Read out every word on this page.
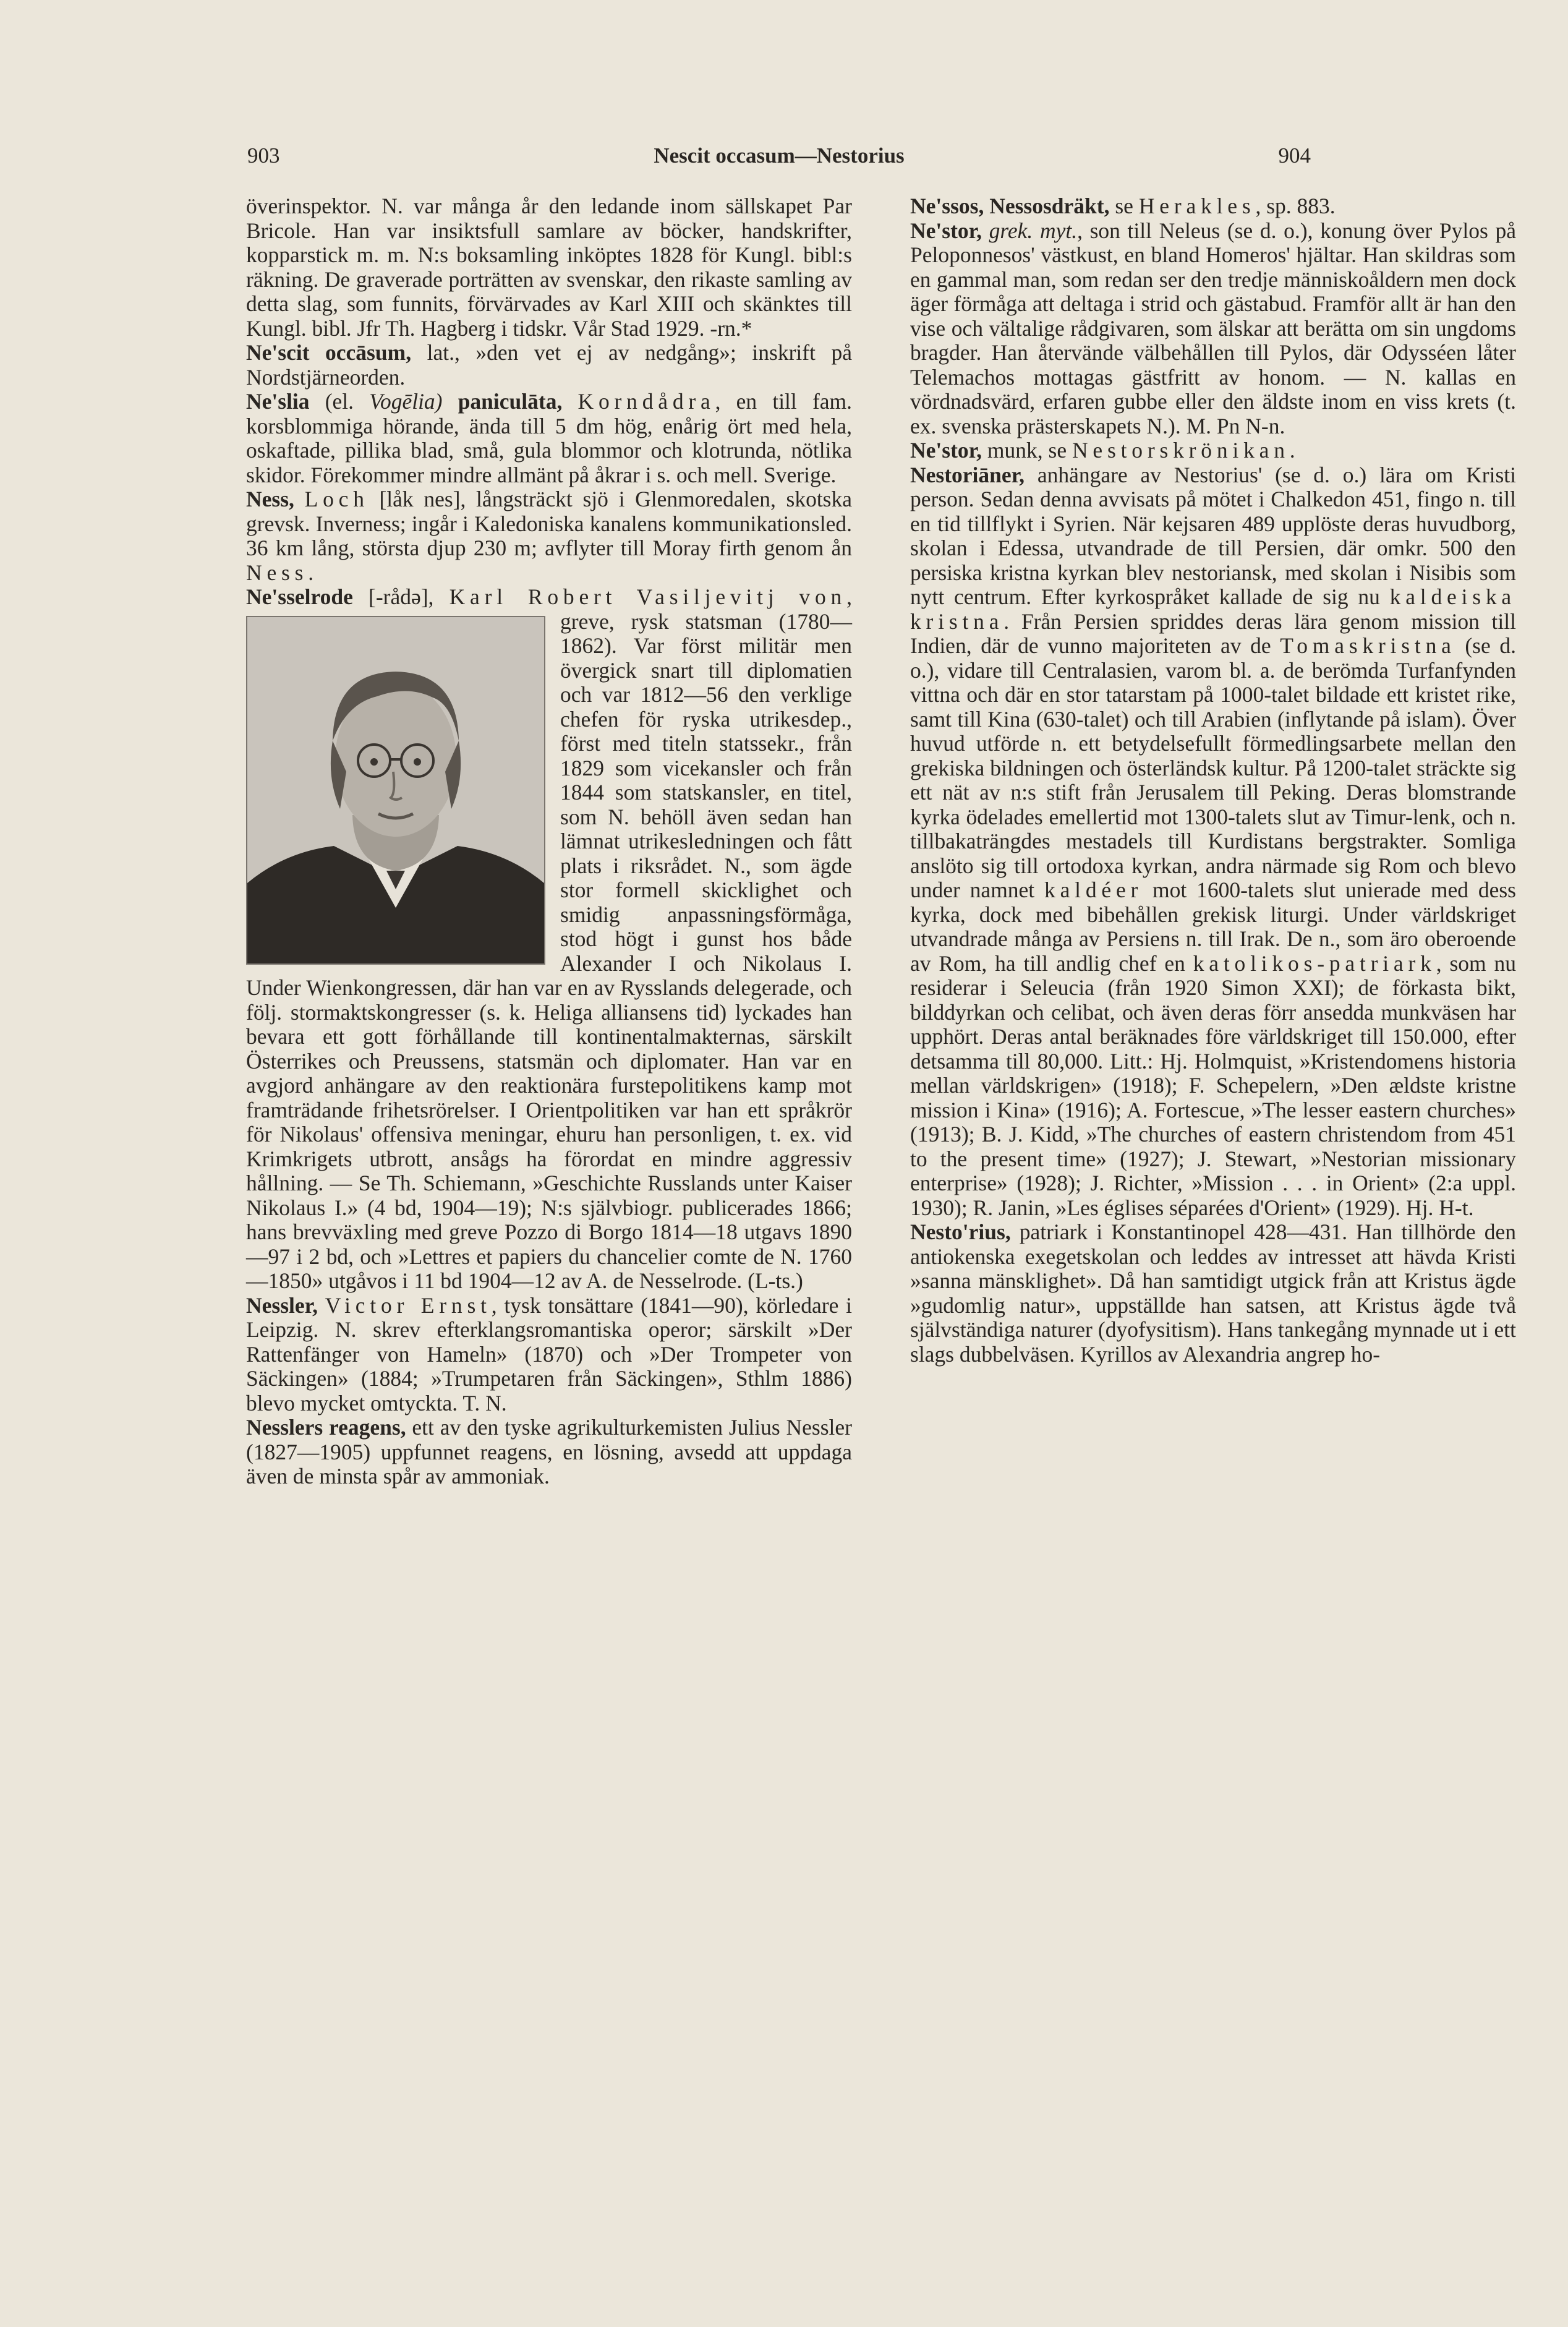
903	Nescit occasum—Nestorius	904

överinspektor. N. var många år den ledande inom sällskapet Par Bricole. Han var insiktsfull samlare av böcker, handskrifter, kopparstick m. m. N:s boksamling inköptes 1828 för Kungl. bibl:s räkning. De graverade porträtten av svenskar, den rikaste samling av detta slag, som funnits, förvärvades av Karl XIII och skänktes till Kungl. bibl. Jfr Th. Hagberg i tidskr. Vår Stad 1929. -rn.*

Ne'scit occāsum, lat., »den vet ej av nedgång»; inskrift på Nordstjärneorden.

Ne'slia (el. Vogēlia) paniculāta, Korndådra, en till fam. korsblommiga hörande, ända till 5 dm hög, enårig ört med hela, oskaftade, pillika blad, små, gula blommor och klotrunda, nötlika skidor. Förekommer mindre allmänt på åkrar i s. och mell. Sverige.

Ness, Loch [låk nes], långsträckt sjö i Glenmoredalen, skotska grevsk. Inverness; ingår i Kaledoniska kanalens kommunikationsled. 36 km lång, största djup 230 m; avflyter till Moray firth genom ån Ness.

Ne'sselrode [-rådə], Karl Robert Vasiljevitj von
, greve, rysk statsman (1780—1862). Var först militär men övergick snart till diplomatien och var 1812—56 den verklige chefen för ryska utrikesdep., först med titeln statssekr., från 1829 som vicekansler och från 1844 som statskansler, en titel, som N. behöll även sedan han lämnat utrikesledningen och fått plats i riksrådet. N., som ägde stor formell skicklighet och smidig anpassningsförmåga, stod högt i gunst hos både Alexander I och Nikolaus I. Under Wienkongressen, där han var en av Rysslands delegerade, och följ. stormaktskongresser (s. k. Heliga alliansens tid) lyckades han bevara ett gott förhållande till kontinentalmakternas, särskilt Österrikes och Preussens, statsmän och diplomater. Han var en avgjord anhängare av den reaktionära furstepolitikens kamp mot framträdande frihetsrörelser. I Orientpolitiken var han ett språkrör för Nikolaus' offensiva meningar, ehuru han personligen, t. ex. vid Krimkrigets utbrott, ansågs ha förordat en mindre aggressiv hållning. — Se Th. Schiemann, »Geschichte Russlands unter Kaiser Nikolaus I.» (4 bd, 1904—19); N:s självbiogr. publicerades 1866; hans brevväxling med greve Pozzo di Borgo 1814—18 utgavs 1890—97 i 2 bd, och »Lettres et papiers du chancelier comte de N. 1760—1850» utgåvos i 11 bd 1904—12 av A. de Nesselrode. (L-ts.)

Nessler, Victor Ernst, tysk tonsättare (1841—90), körledare i Leipzig. N. skrev efterklangsromantiska operor; särskilt »Der Rattenfänger von Hameln» (1870) och »Der Trompeter von Säckingen» (1884; »Trumpetaren från Säckingen», Sthlm 1886) blevo mycket omtyckta. T. N.

Nesslers reagens, ett av den tyske agrikulturkemisten Julius Nessler (1827—1905) uppfunnet reagens, en lösning, avsedd att uppdaga även de minsta spår av ammoniak.

Ne'ssos, Nessosdräkt, se Herakles, sp. 883.

Ne'stor, grek. myt., son till Neleus (se d. o.), konung över Pylos på Peloponnesos' västkust, en bland Homeros' hjältar. Han skildras som en gammal man, som redan ser den tredje människoåldern men dock äger förmåga att deltaga i strid och gästabud. Framför allt är han den vise och vältalige rådgivaren, som älskar att berätta om sin ungdoms bragder. Han återvände välbehållen till Pylos, där Odysséen låter Telemachos mottagas gästfritt av honom. — N. kallas en vördnadsvärd, erfaren gubbe eller den äldste inom en viss krets (t. ex. svenska prästerskapets N.). M. Pn N-n.

Ne'stor, munk, se Nestorskrönikan.

Nestoriāner, anhängare av Nestorius' (se d. o.) lära om Kristi person. Sedan denna avvisats på mötet i Chalkedon 451, fingo n. till en tid tillflykt i Syrien. När kejsaren 489 upplöste deras huvudborg, skolan i Edessa, utvandrade de till Persien, där omkr. 500 den persiska kristna kyrkan blev nestoriansk, med skolan i Nisibis som nytt centrum. Efter kyrkospråket kallade de sig nu kaldeiska kristna. Från Persien spriddes deras lära genom mission till Indien, där de vunno majoriteten av de Tomaskristna (se d. o.), vidare till Centralasien, varom bl. a. de berömda Turfanfynden vittna och där en stor tatarstam på 1000-talet bildade ett kristet rike, samt till Kina (630-talet) och till Arabien (inflytande på islam). Över huvud utförde n. ett betydelsefullt förmedlingsarbete mellan den grekiska bildningen och österländsk kultur. På 1200-talet sträckte sig ett nät av n:s stift från Jerusalem till Peking. Deras blomstrande kyrka ödelades emellertid mot 1300-talets slut av Timur-lenk, och n. tillbakaträngdes mestadels till Kurdistans bergstrakter. Somliga anslöto sig till ortodoxa kyrkan, andra närmade sig Rom och blevo under namnet kaldéer mot 1600-talets slut unierade med dess kyrka, dock med bibehållen grekisk liturgi. Under världskriget utvandrade många av Persiens n. till Irak. De n., som äro oberoende av Rom, ha till andlig chef en katolikos-patriark, som nu residerar i Seleucia (från 1920 Simon XXI); de förkasta bikt, bilddyrkan och celibat, och även deras förr ansedda munkväsen har upphört. Deras antal beräknades före världskriget till 150.000, efter detsamma till 80,000. Litt.: Hj. Holmquist, »Kristendomens historia mellan världskrigen» (1918); F. Schepelern, »Den ældste kristne mission i Kina» (1916); A. Fortescue, »The lesser eastern churches» (1913); B. J. Kidd, »The churches of eastern christendom from 451 to the present time» (1927); J. Stewart, »Nestorian missionary enterprise» (1928); J. Richter, »Mission . . . in Orient» (2:a uppl. 1930); R. Janin, »Les églises séparées d'Orient» (1929). Hj. H-t.

Nesto'rius, patriark i Konstantinopel 428—431. Han tillhörde den antiokenska exegetskolan och leddes av intresset att hävda Kristi »sanna mänsklighet». Då han samtidigt utgick från att Kristus ägde »gudomlig natur», uppställde han satsen, att Kristus ägde två självständiga naturer (dyofysitism). Hans tankegång mynnade ut i ett slags dubbelväsen. Kyrillos av Alexandria angrep ho-
